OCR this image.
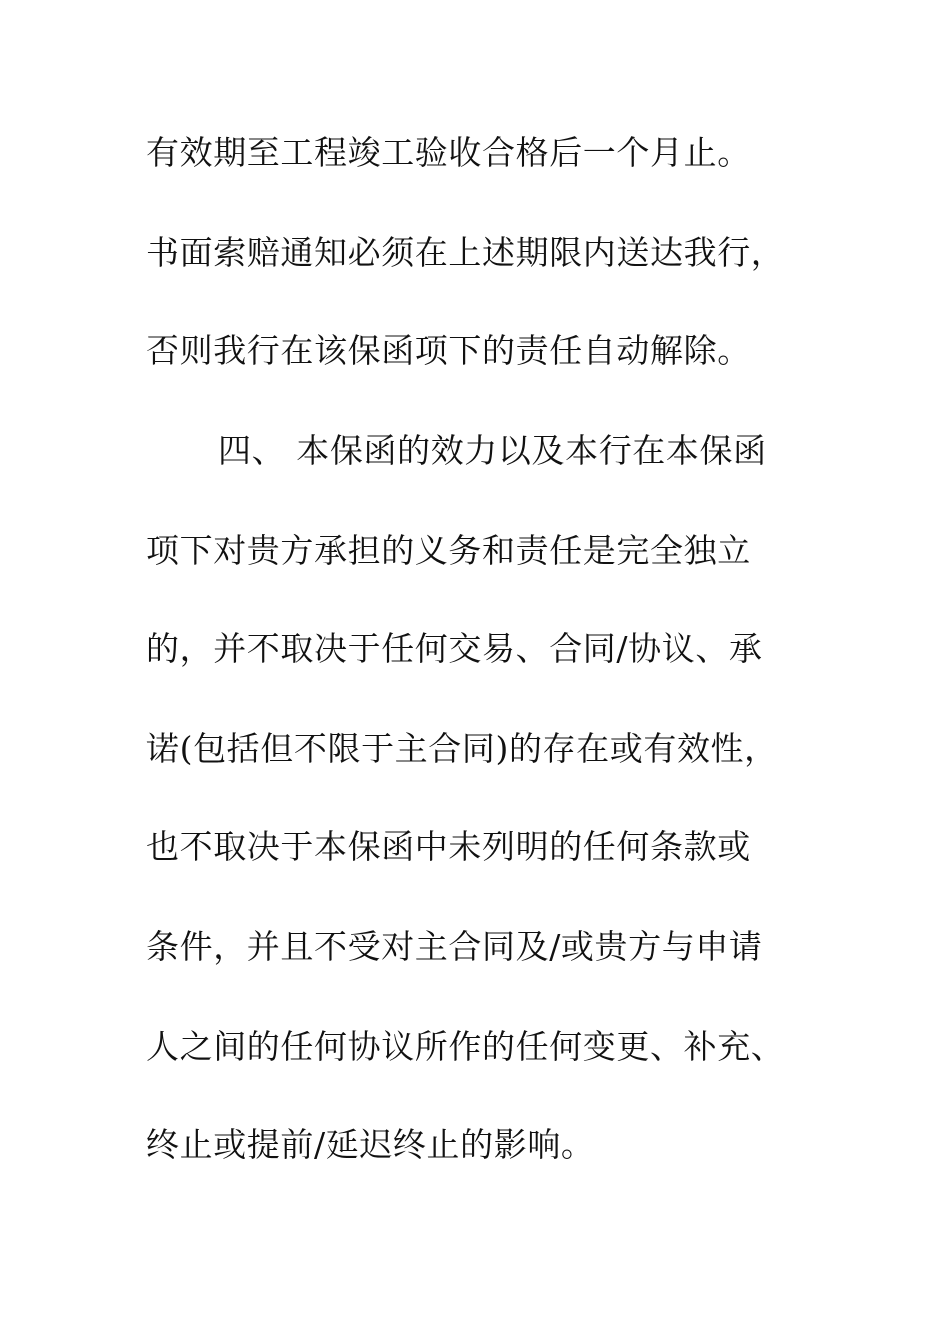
有效期至工程竣工验收合格后一个月止。
书面索赔通知必须在上述期限内送达我行，
否则我行在该保函项下的责任自动解除。
四、 本保函的效力以及本行在本保函
项下对贵方承担的义务和责任是完全独立
的，并不取决于任何交易、合同/协议、承
诺(包括但不限于主合同)的存在或有效性，
也不取决于本保函中未列明的任何条款或
条件，并且不受对主合同及/或贵方与申请
人之间的任何协议所作的任何变更、补充、
终止或提前/延迟终止的影响。
